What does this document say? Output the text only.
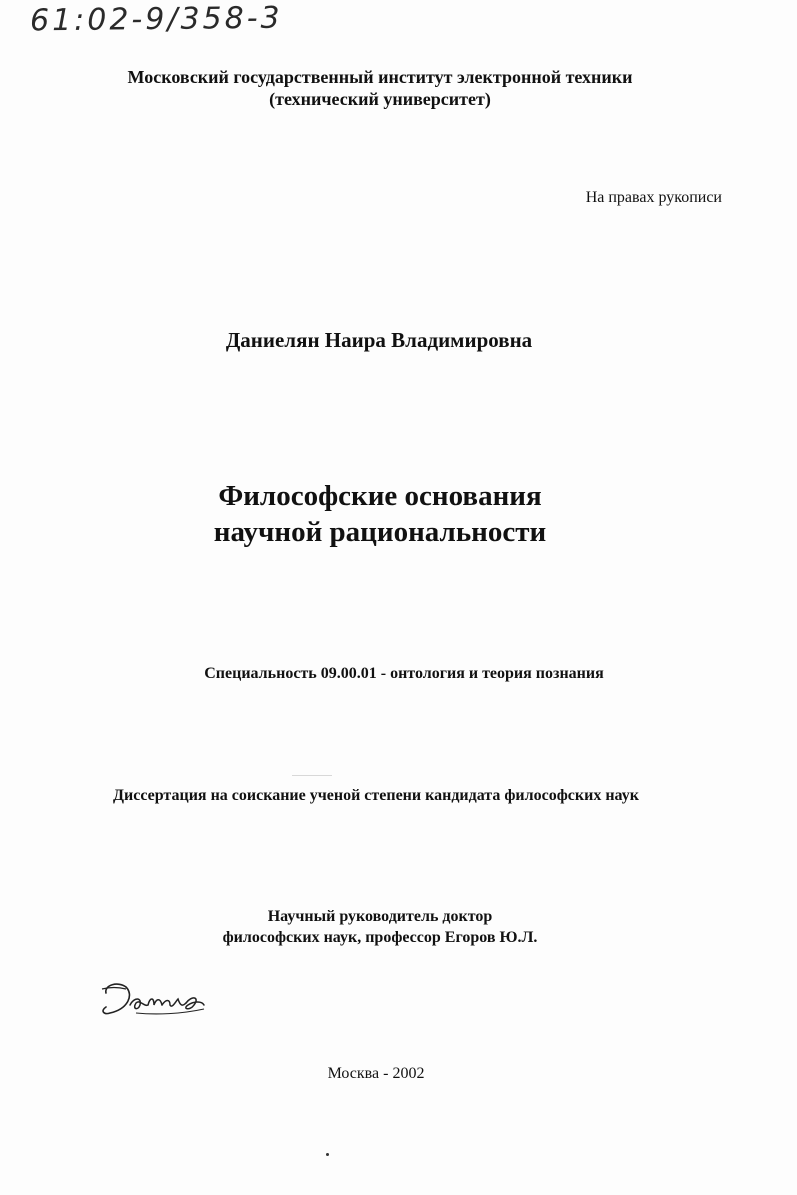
61:02-9/358-3
Московский государственный институт электронной техники
(технический университет)
На правах рукописи
Даниелян Наира Владимировна
Философские основания
научной рациональности
Специальность 09.00.01 - онтология и теория познания
Диссертация на соискание ученой степени кандидата философских наук
Научный руководитель доктор
философских наук, профессор Егоров Ю.Л.
Москва - 2002
